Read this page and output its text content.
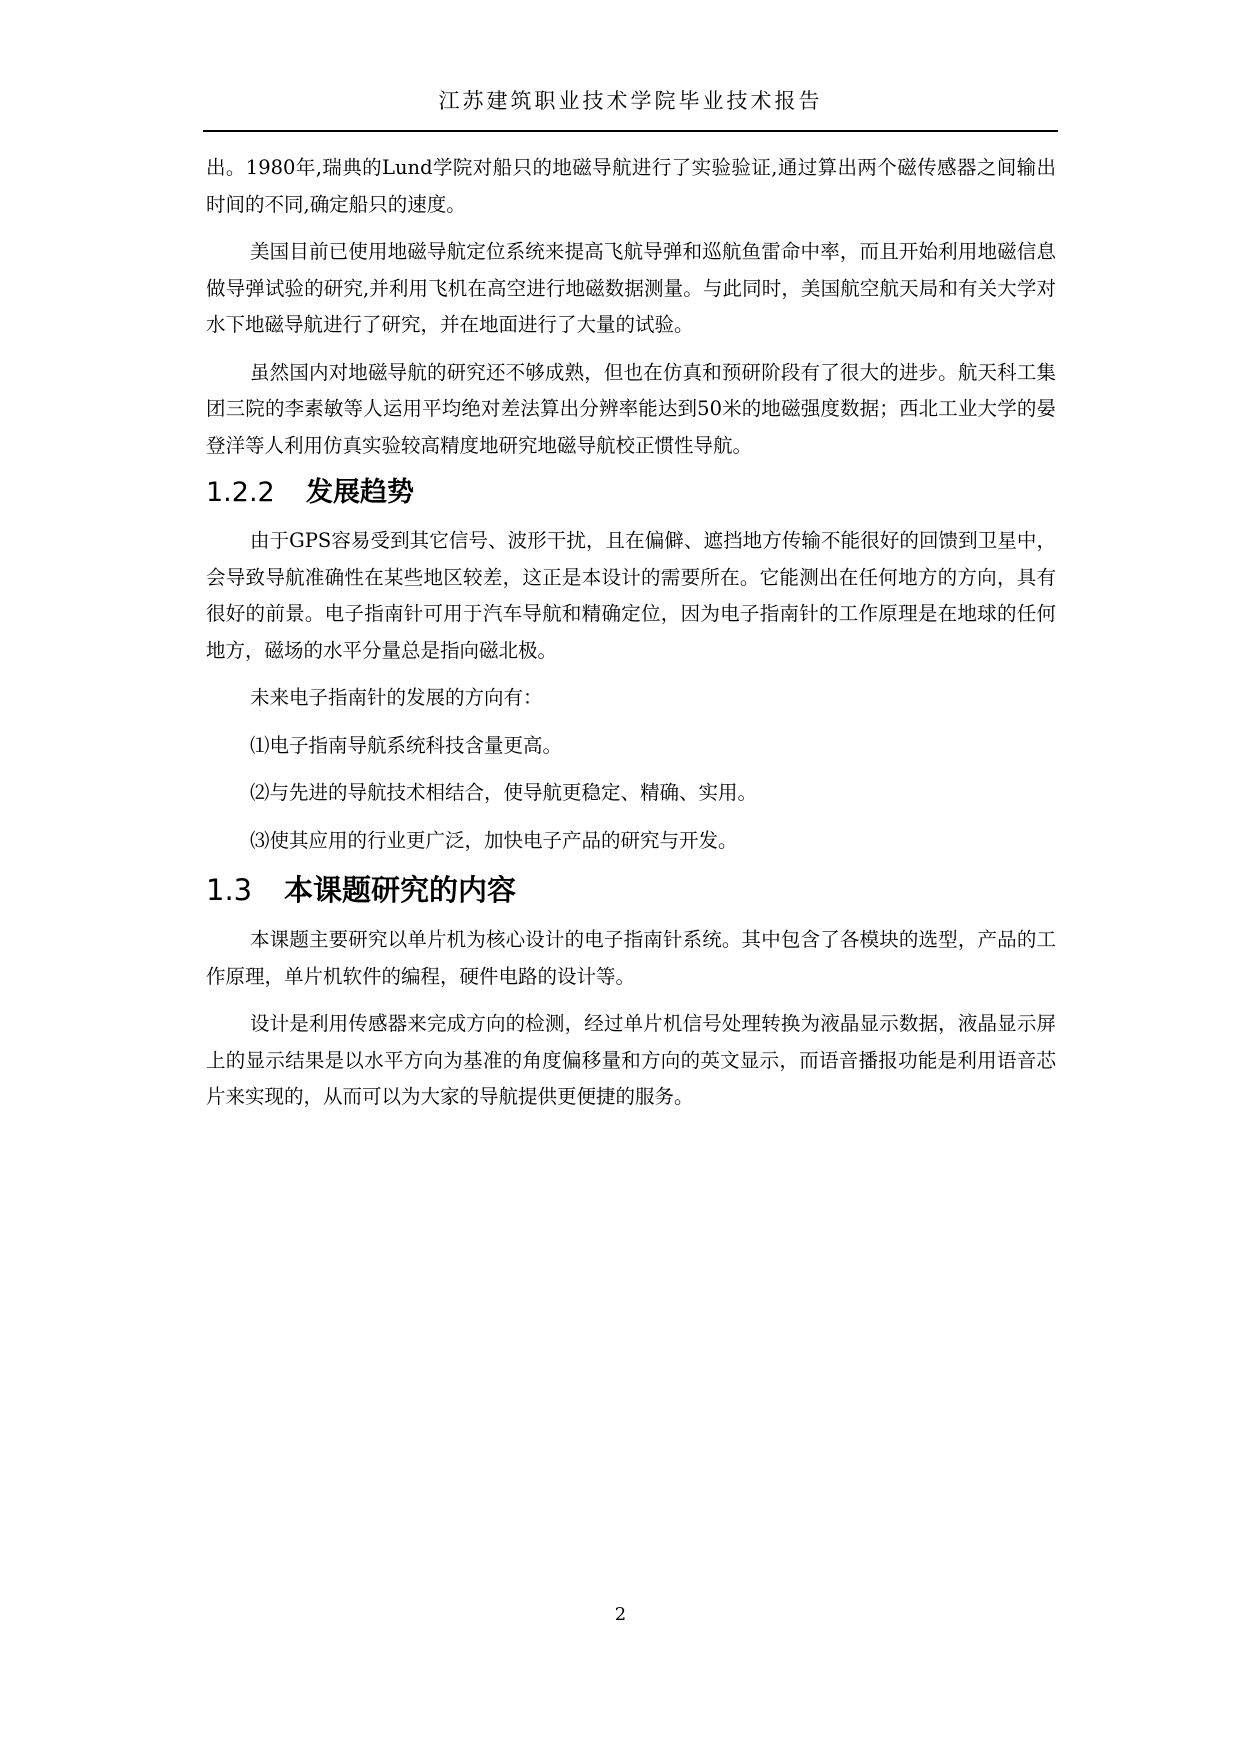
江苏建筑职业技术学院毕业技术报告

出。1980年,瑞典的Lund学院对船只的地磁导航进行了实验验证,通过算出两个磁传感器之间输出时间的不同,确定船只的速度。

美国目前已使用地磁导航定位系统来提高飞航导弹和巡航鱼雷命中率，而且开始利用地磁信息做导弹试验的研究,并利用飞机在高空进行地磁数据测量。与此同时，美国航空航天局和有关大学对水下地磁导航进行了研究，并在地面进行了大量的试验。

虽然国内对地磁导航的研究还不够成熟，但也在仿真和预研阶段有了很大的进步。航天科工集团三院的李素敏等人运用平均绝对差法算出分辨率能达到50米的地磁强度数据；西北工业大学的晏登洋等人利用仿真实验较高精度地研究地磁导航校正惯性导航。

1.2.2 发展趋势

由于GPS容易受到其它信号、波形干扰，且在偏僻、遮挡地方传输不能很好的回馈到卫星中，会导致导航准确性在某些地区较差，这正是本设计的需要所在。它能测出在任何地方的方向，具有很好的前景。电子指南针可用于汽车导航和精确定位，因为电子指南针的工作原理是在地球的任何地方，磁场的水平分量总是指向磁北极。

未来电子指南针的发展的方向有：

⑴电子指南导航系统科技含量更高。

⑵与先进的导航技术相结合，使导航更稳定、精确、实用。

⑶使其应用的行业更广泛，加快电子产品的研究与开发。

1.3 本课题研究的内容

本课题主要研究以单片机为核心设计的电子指南针系统。其中包含了各模块的选型，产品的工作原理，单片机软件的编程，硬件电路的设计等。

设计是利用传感器来完成方向的检测，经过单片机信号处理转换为液晶显示数据，液晶显示屏上的显示结果是以水平方向为基准的角度偏移量和方向的英文显示，而语音播报功能是利用语音芯片来实现的，从而可以为大家的导航提供更便捷的服务。

2
